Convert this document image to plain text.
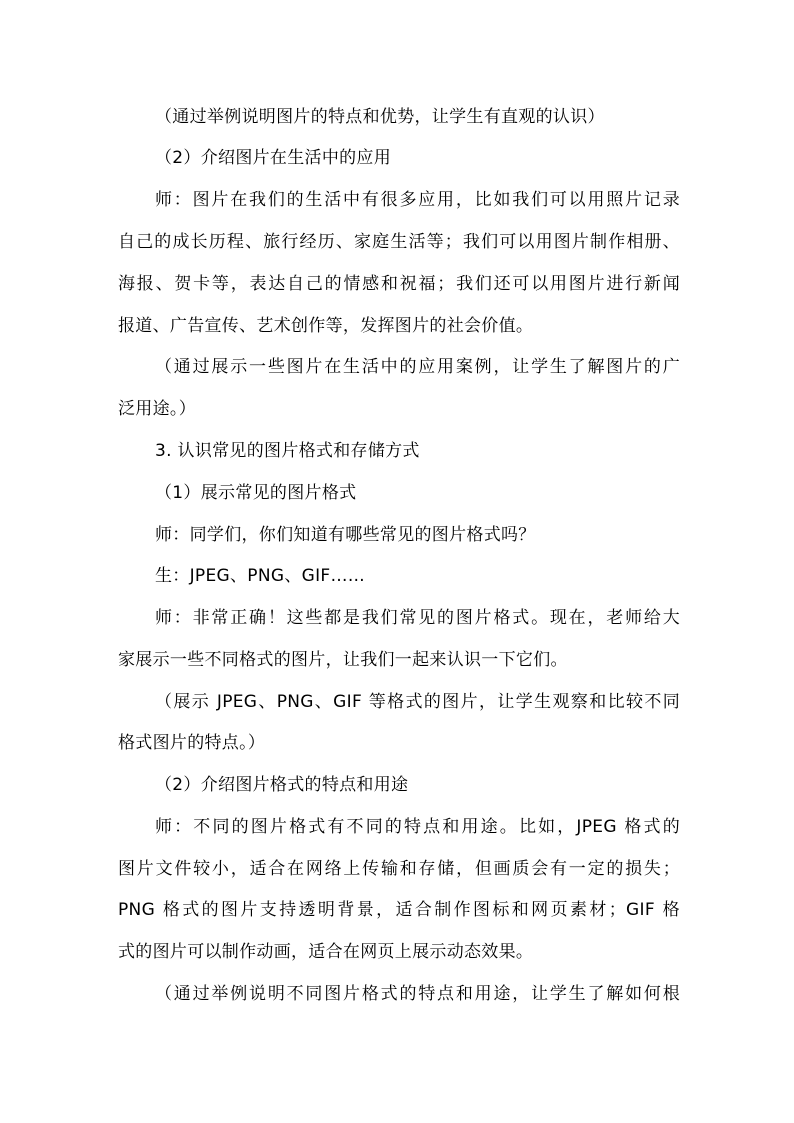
（通过举例说明图片的特点和优势，让学生有直观的认识）
（2）介绍图片在生活中的应用
师：图片在我们的生活中有很多应用，比如我们可以用照片记录
自己的成长历程、旅行经历、家庭生活等；我们可以用图片制作相册、
海报、贺卡等，表达自己的情感和祝福；我们还可以用图片进行新闻
报道、广告宣传、艺术创作等，发挥图片的社会价值。
（通过展示一些图片在生活中的应用案例，让学生了解图片的广
泛用途。）
3. 认识常见的图片格式和存储方式
（1）展示常见的图片格式
师：同学们，你们知道有哪些常见的图片格式吗？
生：JPEG、PNG、GIF……
师：非常正确！这些都是我们常见的图片格式。现在，老师给大
家展示一些不同格式的图片，让我们一起来认识一下它们。
（展示 JPEG、PNG、GIF 等格式的图片，让学生观察和比较不同
格式图片的特点。）
（2）介绍图片格式的特点和用途
师：不同的图片格式有不同的特点和用途。比如，JPEG 格式的
图片文件较小，适合在网络上传输和存储，但画质会有一定的损失；
PNG 格式的图片支持透明背景，适合制作图标和网页素材；GIF 格
式的图片可以制作动画，适合在网页上展示动态效果。
（通过举例说明不同图片格式的特点和用途，让学生了解如何根
